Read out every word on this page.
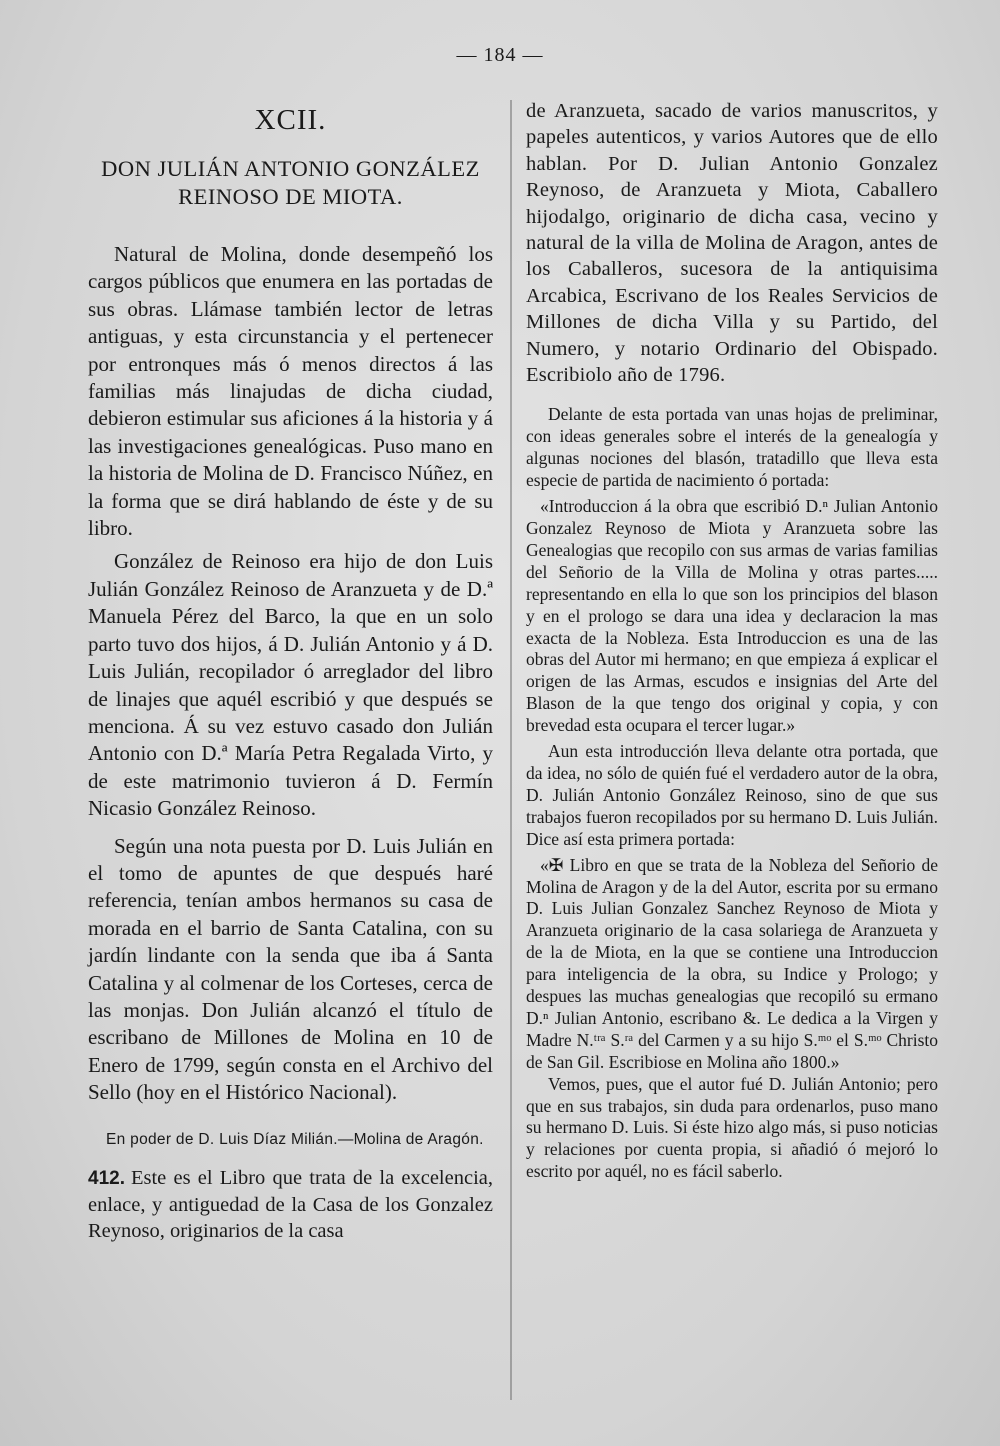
— 184 —
XCII.
DON JULIÁN ANTONIO GONZÁLEZ
REINOSO DE MIOTA.

Natural de Molina, donde desempeñó los cargos públicos que enumera en las portadas de sus obras. Llámase también lector de letras antiguas, y esta circunstancia y el pertenecer por entronques más ó menos directos á las familias más linajudas de dicha ciudad, debieron estimular sus aficiones á la historia y á las investigaciones genealógicas. Puso mano en la historia de Molina de D. Francisco Núñez, en la forma que se dirá hablando de éste y de su libro.

González de Reinoso era hijo de don Luis Julián González Reinoso de Aranzueta y de D.ª Manuela Pérez del Barco, la que en un solo parto tuvo dos hijos, á D. Julián Antonio y á D. Luis Julián, recopilador ó arreglador del libro de linajes que aquél escribió y que después se menciona. Á su vez estuvo casado don Julián Antonio con D.ª María Petra Regalada Virto, y de este matrimonio tuvieron á D. Fermín Nicasio González Reinoso.

Según una nota puesta por D. Luis Julián en el tomo de apuntes de que después haré referencia, tenían ambos hermanos su casa de morada en el barrio de Santa Catalina, con su jardín lindante con la senda que iba á Santa Catalina y al colmenar de los Corteses, cerca de las monjas. Don Julián alcanzó el título de escribano de Millones de Molina en 10 de Enero de 1799, según consta en el Archivo del Sello (hoy en el Histórico Nacional).

En poder de D. Luis Díaz Milián.—Molina de Aragón.

412. Este es el Libro que trata de la excelencia, enlace, y antiguedad de la Casa de los Gonzalez Reynoso, originarios de la casa

de Aranzueta, sacado de varios manuscritos, y papeles autenticos, y varios Autores que de ello hablan. Por D. Julian Antonio Gonzalez Reynoso, de Aranzueta y Miota, Caballero hijodalgo, originario de dicha casa, vecino y natural de la villa de Molina de Aragon, antes de los Caballeros, sucesora de la antiquisima Arcabica, Escrivano de los Reales Servicios de Millones de dicha Villa y su Partido, del Numero, y notario Ordinario del Obispado. Escribiolo año de 1796.

Delante de esta portada van unas hojas de preliminar, con ideas generales sobre el interés de la genealogía y algunas nociones del blasón, tratadillo que lleva esta especie de partida de nacimiento ó portada:

«Introduccion á la obra que escribió D.ⁿ Julian Antonio Gonzalez Reynoso de Miota y Aranzueta sobre las Genealogias que recopilo con sus armas de varias familias del Señorio de la Villa de Molina y otras partes..... representando en ella lo que son los principios del blason y en el prologo se dara una idea y declaracion la mas exacta de la Nobleza. Esta Introduccion es una de las obras del Autor mi hermano; en que empieza á explicar el origen de las Armas, escudos e insignias del Arte del Blason de la que tengo dos original y copia, y con brevedad esta ocupara el tercer lugar.»

Aun esta introducción lleva delante otra portada, que da idea, no sólo de quién fué el verdadero autor de la obra, D. Julián Antonio González Reinoso, sino de que sus trabajos fueron recopilados por su hermano D. Luis Julián. Dice así esta primera portada:

«✠ Libro en que se trata de la Nobleza del Señorio de Molina de Aragon y de la del Autor, escrita por su ermano D. Luis Julian Gonzalez Sanchez Reynoso de Miota y Aranzueta originario de la casa solariega de Aranzueta y de la de Miota, en la que se contiene una Introduccion para inteligencia de la obra, su Indice y Prologo; y despues las muchas genealogias que recopiló su ermano D.ⁿ Julian Antonio, escribano &. Le dedica a la Virgen y Madre N.ᵗʳᵃ S.ʳᵃ del Carmen y a su hijo S.ᵐᵒ el S.ᵐᵒ Christo de San Gil. Escribiose en Molina año 1800.»

Vemos, pues, que el autor fué D. Julián Antonio; pero que en sus trabajos, sin duda para ordenarlos, puso mano su hermano D. Luis. Si éste hizo algo más, si puso noticias y relaciones por cuenta propia, si añadió ó mejoró lo escrito por aquél, no es fácil saberlo.
